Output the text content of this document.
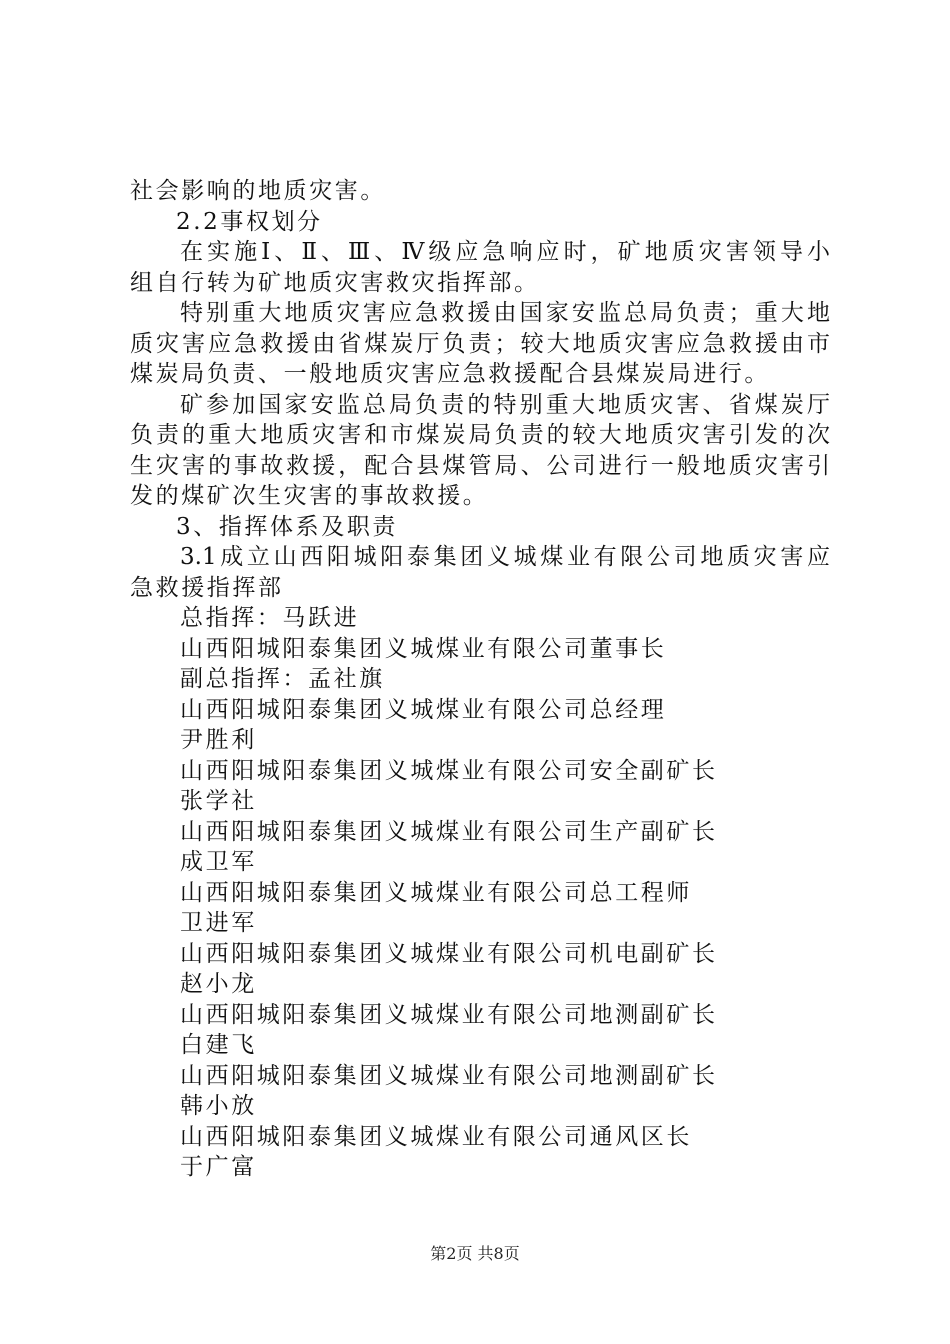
社会影响的地质灾害。
2.2事权划分
在实施Ⅰ、Ⅱ、Ⅲ、Ⅳ级应急响应时，矿地质灾害领导小
组自行转为矿地质灾害救灾指挥部。
特别重大地质灾害应急救援由国家安监总局负责；重大地
质灾害应急救援由省煤炭厅负责；较大地质灾害应急救援由市
煤炭局负责、一般地质灾害应急救援配合县煤炭局进行。
矿参加国家安监总局负责的特别重大地质灾害、省煤炭厅
负责的重大地质灾害和市煤炭局负责的较大地质灾害引发的次
生灾害的事故救援，配合县煤管局、公司进行一般地质灾害引
发的煤矿次生灾害的事故救援。
3、指挥体系及职责
3.1成立山西阳城阳泰集团义城煤业有限公司地质灾害应
急救援指挥部
总指挥：马跃进
山西阳城阳泰集团义城煤业有限公司董事长
副总指挥：孟社旗
山西阳城阳泰集团义城煤业有限公司总经理
尹胜利
山西阳城阳泰集团义城煤业有限公司安全副矿长
张学社
山西阳城阳泰集团义城煤业有限公司生产副矿长
成卫军
山西阳城阳泰集团义城煤业有限公司总工程师
卫进军
山西阳城阳泰集团义城煤业有限公司机电副矿长
赵小龙
山西阳城阳泰集团义城煤业有限公司地测副矿长
白建飞
山西阳城阳泰集团义城煤业有限公司地测副矿长
韩小放
山西阳城阳泰集团义城煤业有限公司通风区长
于广富
第2页 共8页
